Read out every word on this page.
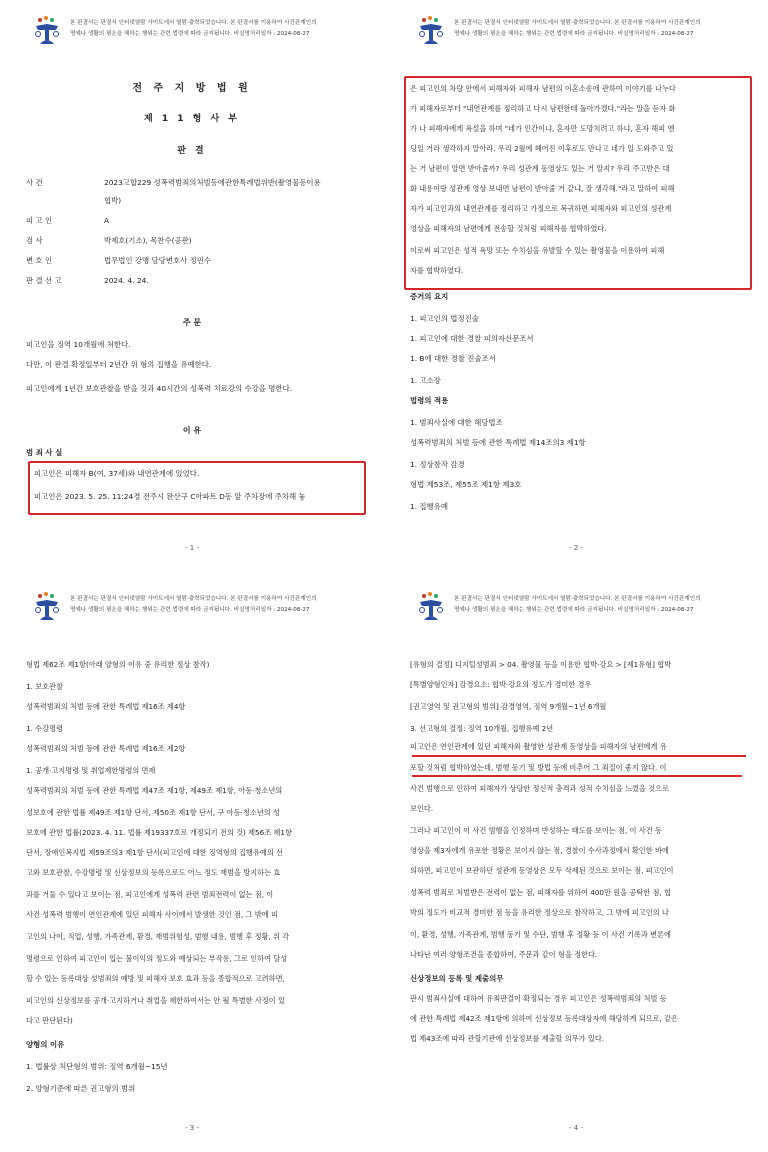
본 판결서는 판결서 인터넷열람 사이트에서 열람·출력되었습니다. 본 판결서를 이용하여 사건관계인의
명예나 생활의 평온을 해하는 행위는 관련 법령에 따라 금지됩니다. 비실명처리일자 : 2024-08-27
전 주 지 방 법 원
제 1 1 형 사 부
판 결
사 건	2023고합229 성폭력범죄의처벌등에관한특례법위반(촬영물등이용
협박)
피 고 인	A
검 사	박제호(기소), 목찬수(공판)
변 호 인	법무법인 강맹 담당변호사 정민수
판 결 선 고	2024. 4. 24.
주 문
피고인을 징역 10개월에 처한다.
다만, 이 판결 확정일부터 2년간 위 형의 집행을 유예한다.
피고인에게 1년간 보호관찰을 받을 것과 40시간의 성폭력 치료강의 수강을 명한다.
이 유
범 죄 사 실
피고인은 피해자 B(여, 37세)와 내연관계에 있었다.
피고인은 2023. 5. 25. 11:24경 전주시 완산구 C아파트 D동 앞 주차장에 주차해 놓
- 1 -
본 판결서는 판결서 인터넷열람 사이트에서 열람·출력되었습니다. 본 판결서를 이용하여 사건관계인의
명예나 생활의 평온을 해하는 행위는 관련 법령에 따라 금지됩니다. 비실명처리일자 : 2024-08-27
은 피고인의 차량 안에서 피해자와 피해자 남편의 이혼소송에 관하여 이야기를 나누다
가 피해자로부터 "내연관계를 정리하고 다시 남편한테 돌아가겠다."라는 말을 듣자 화
가 나 피해자에게 욕설을 하며 "네가 인간이냐, 혼자만 도망치려고 하냐, 혼자 해피 엔
딩일 거라 생각하지 말아라. 우리 2월에 헤어진 이후로도 만나고 네가 일 도와주고 있
는 거 남편이 알면 받아줄까? 우리 성관계 동영상도 있는 거 알지? 우리 주고받은 대
화 내용이랑 성관계 영상 보내면 남편이 받아줄 거 같냐, 잘 생각해."라고 말하여 피해
자가 피고인과의 내연관계를 정리하고 가정으로 복귀하면 피해자와 피고인의 성관계
영상을 피해자의 남편에게 전송할 것처럼 피해자를 협박하였다.
이로써 피고인은 성적 욕망 또는 수치심을 유발할 수 있는 촬영물을 이용하여 피해
자를 협박하였다.
증거의 요지
1. 피고인의 법정진술
1. 피고인에 대한 경찰 피의자신문조서
1. B에 대한 경찰 진술조서
1. 고소장
법령의 적용
1. 범죄사실에 대한 해당법조
성폭력범죄의 처벌 등에 관한 특례법 제14조의3 제1항
1. 정상참작 감경
형법 제53조, 제55조 제1항 제3호
1. 집행유예
- 2 -
본 판결서는 판결서 인터넷열람 사이트에서 열람·출력되었습니다. 본 판결서를 이용하여 사건관계인의
명예나 생활의 평온을 해하는 행위는 관련 법령에 따라 금지됩니다. 비실명처리일자 : 2024-08-27
형법 제62조 제1항(아래 양형의 이유 중 유리한 정상 참작)
1. 보호관찰
성폭력범죄의 처벌 등에 관한 특례법 제16조 제4항
1. 수강명령
성폭력범죄의 처벌 등에 관한 특례법 제16조 제2항
1. 공개·고지명령 및 취업제한명령의 면제
성폭력범죄의 처벌 등에 관한 특례법 제47조 제1항, 제49조 제1항, 아동·청소년의
성보호에 관한 법률 제49조 제1항 단서, 제50조 제1항 단서, 구 아동·청소년의 성
보호에 관한 법률(2023. 4. 11. 법률 제19337호로 개정되기 전의 것) 제56조 제1항
단서, 장애인복지법 제59조의3 제1항 단서(피고인에 대한 징역형의 집행유예의 선
고와 보호관찰, 수강명령 및 신상정보의 등록으로도 어느 정도 재범을 방지하는 효
과를 거둘 수 있다고 보이는 점, 피고인에게 성폭력 관련 범죄전력이 없는 점, 이
사건 성폭력 범행이 연인관계에 있던 피해자 사이에서 발생한 것인 점, 그 밖에 피
고인의 나이, 직업, 성행, 가족관계, 환경, 재범위험성, 범행 내용, 범행 후 정황, 위 각
명령으로 인하여 피고인이 입는 불이익의 정도와 예상되는 부작용, 그로 인하여 달성
할 수 있는 등록대상 성범죄의 예방 및 피해자 보호 효과 등을 종합적으로 고려하면,
피고인의 신상정보를 공개·고지하거나 취업을 제한하여서는 안 될 특별한 사정이 있
다고 판단된다)
양형의 이유
1. 법률상 처단형의 범위: 징역 6개월~15년
2. 양형기준에 따른 권고형의 범위
- 3 -
본 판결서는 판결서 인터넷열람 사이트에서 열람·출력되었습니다. 본 판결서를 이용하여 사건관계인의
명예나 생활의 평온을 해하는 행위는 관련 법령에 따라 금지됩니다. 비실명처리일자 : 2024-08-27
[유형의 결정] 디지털성범죄 > 04. 촬영물 등을 이용한 협박·강요 > [제1유형] 협박
[특별양형인자] 감경요소: 협박·강요의 정도가 경미한 경우
[권고영역 및 권고형의 범위] 감경영역, 징역 9개월~1년 6개월
3. 선고형의 결정: 징역 10개월, 집행유예 2년
피고인은 연인관계에 있던 피해자와 촬영한 성관계 동영상을 피해자의 남편에게 유
포할 것처럼 협박하였는데, 범행 동기 및 방법 등에 비추어 그 죄질이 좋지 않다. 이
사건 범행으로 인하여 피해자가 상당한 정신적 충격과 성적 수치심을 느꼈을 것으로
보인다.
그러나 피고인이 이 사건 범행을 인정하며 반성하는 태도를 보이는 점, 이 사건 동
영상을 제3자에게 유포한 정황은 보이지 않는 점, 경찰이 수사과정에서 확인한 바에
의하면, 피고인이 보관하던 성관계 동영상은 모두 삭제된 것으로 보이는 점, 피고인이
성폭력 범죄로 처벌받은 전력이 없는 점, 피해자를 위하여 400만 원을 공탁한 점, 협
박의 정도가 비교적 경미한 점 등을 유리한 정상으로 참작하고, 그 밖에 피고인의 나
이, 환경, 성행, 가족관계, 범행 동기 및 수단, 범행 후 정황 등 이 사건 기록과 변론에
나타난 여러 양형조건을 종합하여, 주문과 같이 형을 정한다.
신상정보의 등록 및 제출의무
판시 범죄사실에 대하여 유죄판결이 확정되는 경우 피고인은 성폭력범죄의 처벌 등
에 관한 특례법 제42조 제1항에 의하여 신상정보 등록대상자에 해당하게 되므로, 같은
법 제43조에 따라 관할기관에 신상정보를 제출할 의무가 있다.
- 4 -
